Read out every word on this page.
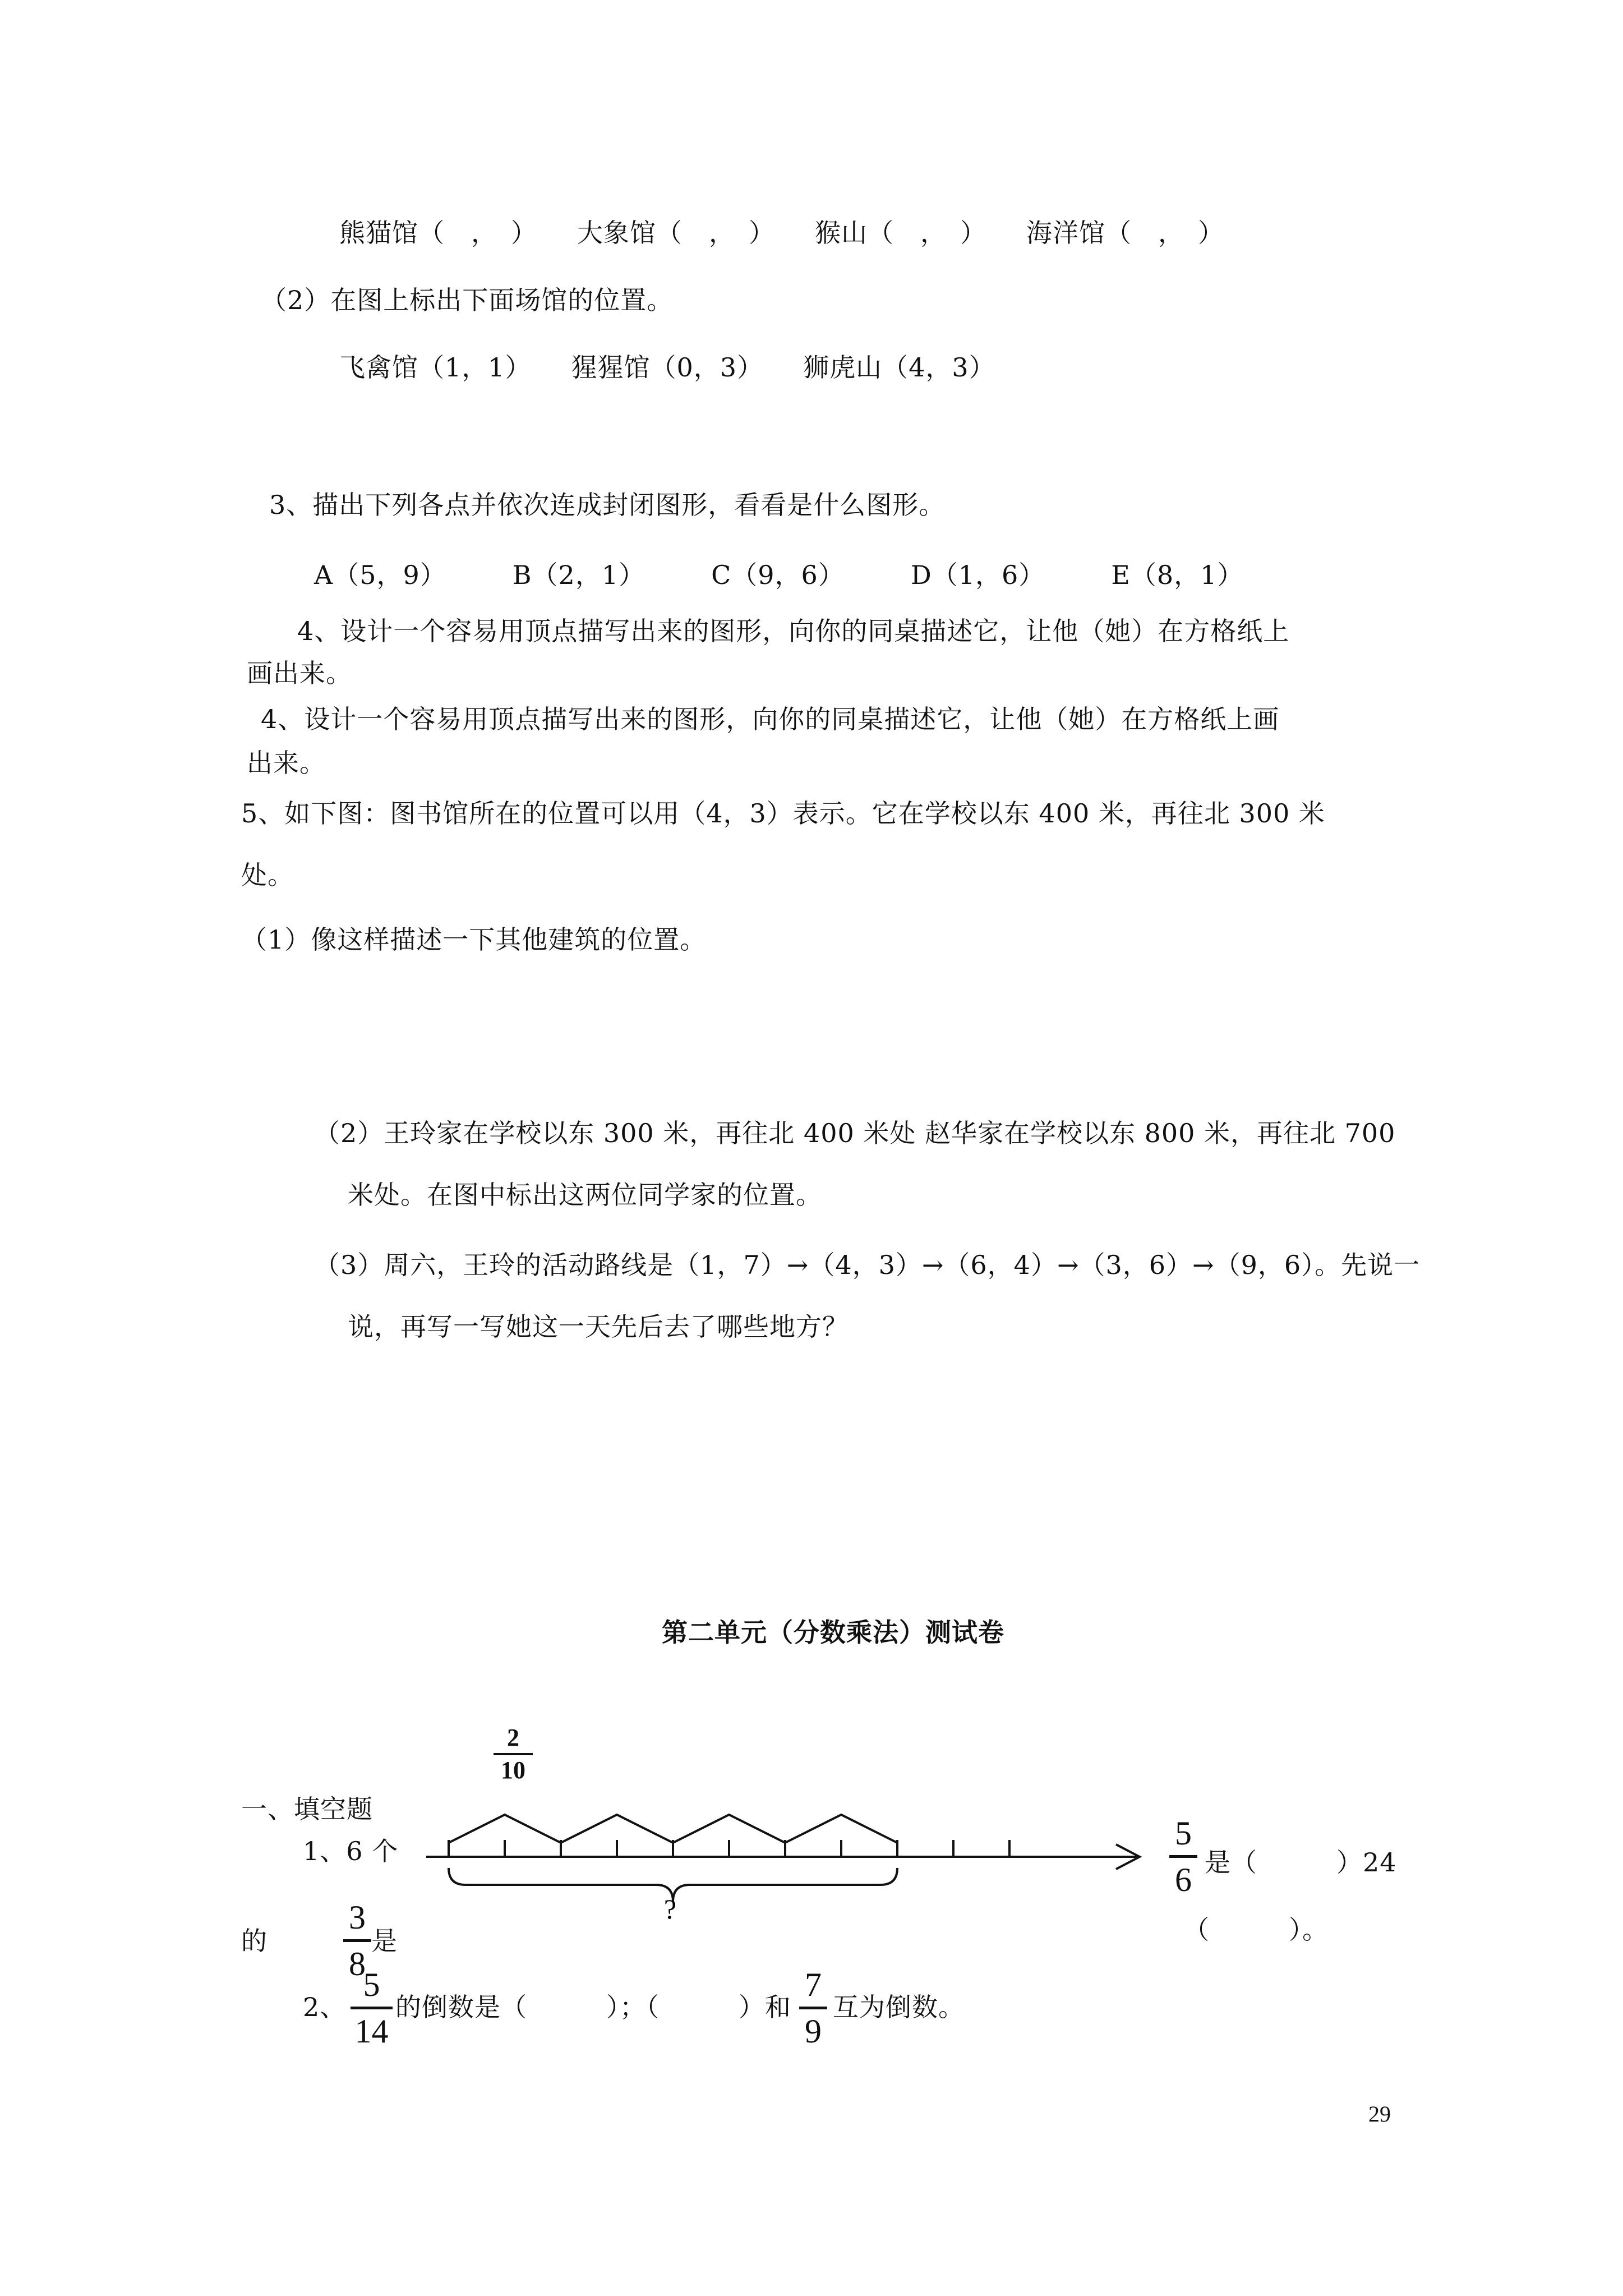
熊猫馆（　，　）　　大象馆（　，　）　　猴山（　，　）　　海洋馆（　，　）
（2）在图上标出下面场馆的位置。
飞禽馆（1，1）　　猩猩馆（0，3）　　狮虎山（4，3）
3、描出下列各点并依次连成封闭图形，看看是什么图形。
A（5，9）　　　B（2，1）　　　C（9，6）　　　D（1，6）　　　E（8，1）
4、设计一个容易用顶点描写出来的图形，向你的同桌描述它，让他（她）在方格纸上
画出来。
4、设计一个容易用顶点描写出来的图形，向你的同桌描述它，让他（她）在方格纸上画
出来。
5、如下图：图书馆所在的位置可以用（4，3）表示。它在学校以东 400 米，再往北 300 米
处。
（1）像这样描述一下其他建筑的位置。
（2）王玲家在学校以东 300 米，再往北 400 米处 赵华家在学校以东 800 米，再往北 700
米处。在图中标出这两位同学家的位置。
（3）周六，王玲的活动路线是（1，7）→（4，3）→（6，4）→（3，6）→（9，6）。先说一
说，再写一写她这一天先后去了哪些地方？
第二单元（分数乘法）测试卷
一、填空题
1、6 个
?
2
10
5
6 是（　　　）24
（　　　）。
的
3
8
是
2、
5
14
的倒数是（　　　）；（　　　）和
7
9
互为倒数。
29
